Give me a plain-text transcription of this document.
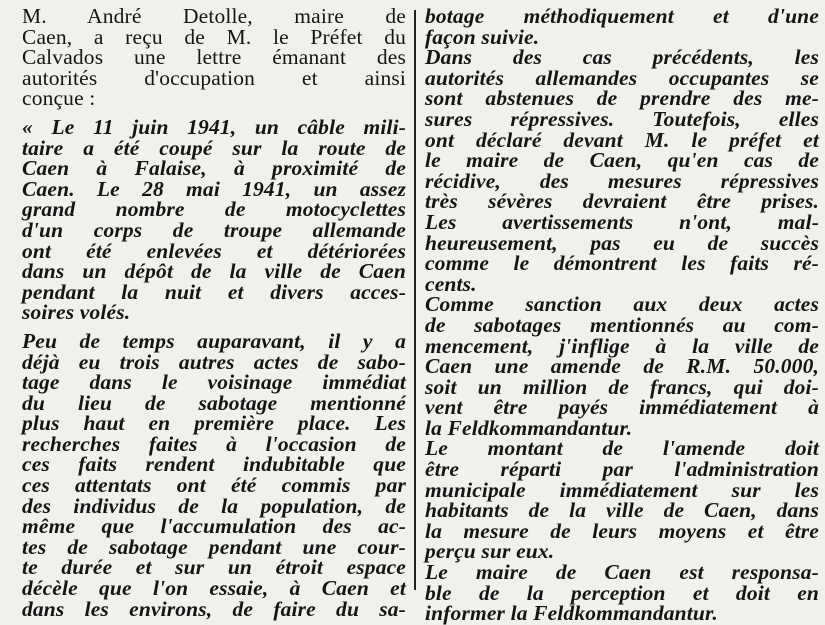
M. André Detolle, maire de
Caen, a reçu de M. le Préfet du
Calvados une lettre émanant des
autorités d'occupation et ainsi
conçue :
« Le 11 juin 1941, un câble mili-
taire a été coupé sur la route de
Caen à Falaise, à proximité de
Caen. Le 28 mai 1941, un assez
grand nombre de motocyclettes
d'un corps de troupe allemande
ont été enlevées et détériorées
dans un dépôt de la ville de Caen
pendant la nuit et divers acces-
soires volés.
Peu de temps auparavant, il y a
déjà eu trois autres actes de sabo-
tage dans le voisinage immédiat
du lieu de sabotage mentionné
plus haut en première place. Les
recherches faites à l'occasion de
ces faits rendent indubitable que
ces attentats ont été commis par
des individus de la population, de
même que l'accumulation des ac-
tes de sabotage pendant une cour-
te durée et sur un étroit espace
décèle que l'on essaie, à Caen et
dans les environs, de faire du sa-
botage méthodiquement et d'une
façon suivie.
Dans des cas précédents, les
autorités allemandes occupantes se
sont abstenues de prendre des me-
sures répressives. Toutefois, elles
ont déclaré devant M. le préfet et
le maire de Caen, qu'en cas de
récidive, des mesures répressives
très sévères devraient être prises.
Les avertissements n'ont, mal-
heureusement, pas eu de succès
comme le démontrent les faits ré-
cents.
Comme sanction aux deux actes
de sabotages mentionnés au com-
mencement, j'inflige à la ville de
Caen une amende de R.M. 50.000,
soit un million de francs, qui doi-
vent être payés immédiatement à
la Feldkommandantur.
Le montant de l'amende doit
être réparti par l'administration
municipale immédiatement sur les
habitants de la ville de Caen, dans
la mesure de leurs moyens et être
perçu sur eux.
Le maire de Caen est responsa-
ble de la perception et doit en
informer la Feldkommandantur.
